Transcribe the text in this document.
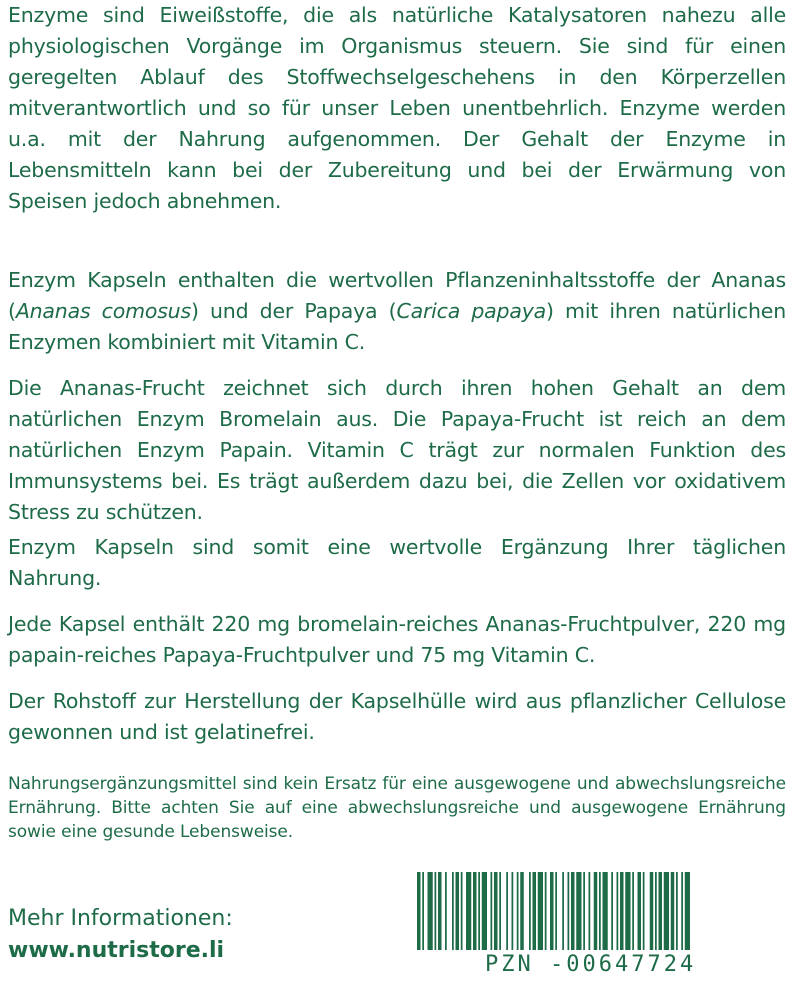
Enzyme sind Eiweißstoffe, die als natürliche Katalysatoren nahezu alle physiologischen Vorgänge im Organismus steuern. Sie sind für einen geregelten Ablauf des Stoffwechselgeschehens in den Körperzellen mitverantwortlich und so für unser Leben unentbehrlich. Enzyme werden u.a. mit der Nahrung aufgenommen. Der Gehalt der Enzyme in Lebensmitteln kann bei der Zubereitung und bei der Erwärmung von Speisen jedoch abnehmen.

Enzym Kapseln enthalten die wertvollen Pflanzeninhaltsstoffe der Ananas (Ananas comosus) und der Papaya (Carica papaya) mit ihren natürlichen Enzymen kombiniert mit Vitamin C.

Die Ananas-Frucht zeichnet sich durch ihren hohen Gehalt an dem natürlichen Enzym Bromelain aus. Die Papaya-Frucht ist reich an dem natürlichen Enzym Papain. Vitamin C trägt zur normalen Funktion des Immunsystems bei. Es trägt außerdem dazu bei, die Zellen vor oxidativem Stress zu schützen.

Enzym Kapseln sind somit eine wertvolle Ergänzung Ihrer täglichen Nahrung.

Jede Kapsel enthält 220 mg bromelain-reiches Ananas-Fruchtpulver, 220 mg papain-reiches Papaya-Fruchtpulver und 75 mg Vitamin C.

Der Rohstoff zur Herstellung der Kapselhülle wird aus pflanzlicher Cellulose gewonnen und ist gelatinefrei.

Nahrungsergänzungsmittel sind kein Ersatz für eine ausgewogene und abwechslungsreiche Ernährung. Bitte achten Sie auf eine abwechslungsreiche und ausgewogene Ernährung sowie eine gesunde Lebensweise.

Mehr Informationen:
www.nutristore.li
PZN -00647724
